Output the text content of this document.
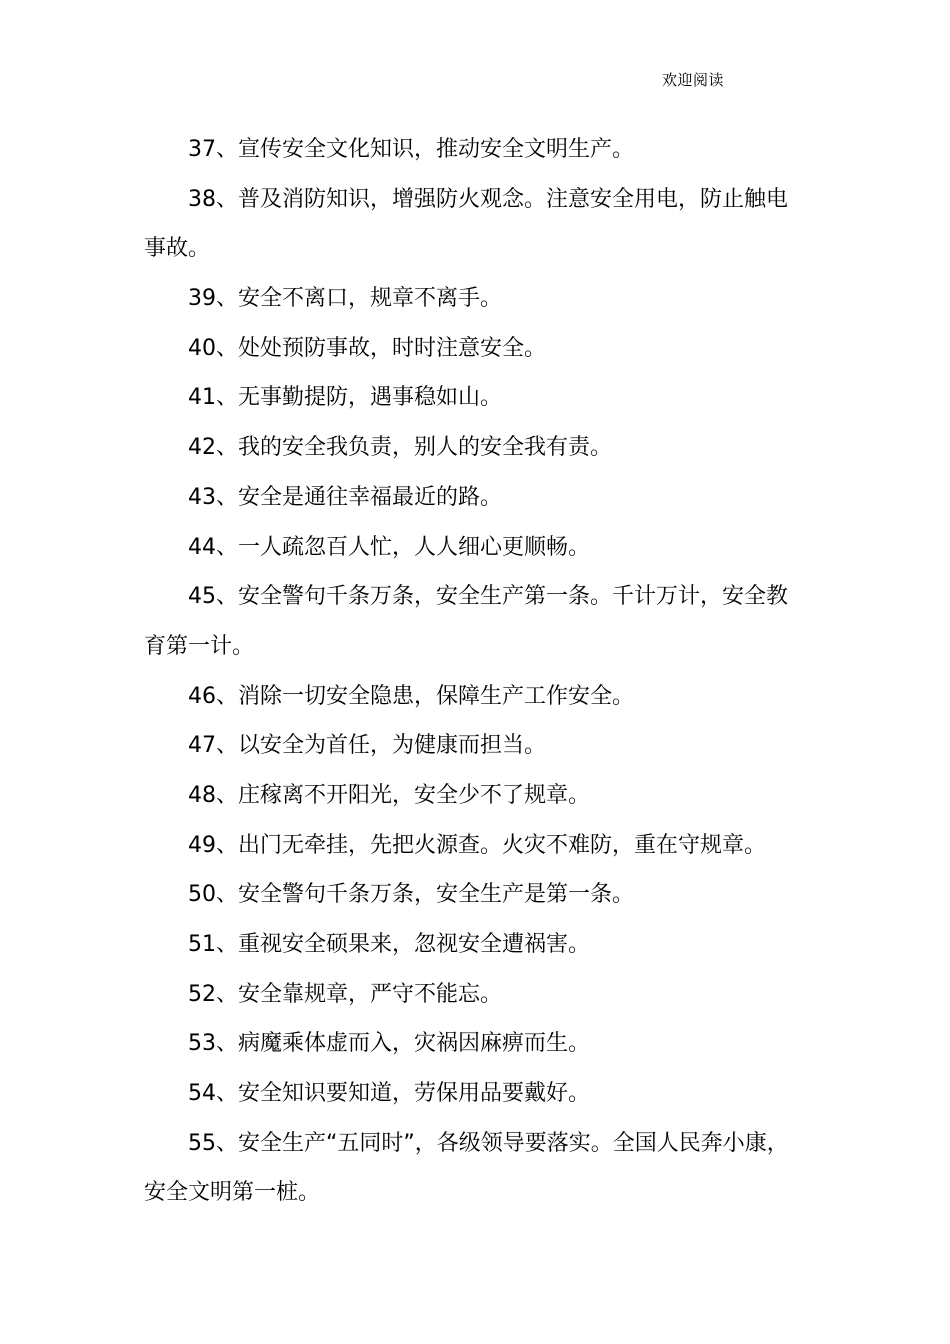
欢迎阅读
37、宣传安全文化知识，推动安全文明生产。
38、普及消防知识，增强防火观念。注意安全用电，防止触电
事故。
39、安全不离口，规章不离手。
40、处处预防事故，时时注意安全。
41、无事勤提防，遇事稳如山。
42、我的安全我负责，别人的安全我有责。
43、安全是通往幸福最近的路。
44、一人疏忽百人忙，人人细心更顺畅。
45、安全警句千条万条，安全生产第一条。千计万计，安全教
育第一计。
46、消除一切安全隐患，保障生产工作安全。
47、以安全为首任，为健康而担当。
48、庄稼离不开阳光，安全少不了规章。
49、出门无牵挂，先把火源查。火灾不难防，重在守规章。
50、安全警句千条万条，安全生产是第一条。
51、重视安全硕果来，忽视安全遭祸害。
52、安全靠规章，严守不能忘。
53、病魔乘体虚而入，灾祸因麻痹而生。
54、安全知识要知道，劳保用品要戴好。
55、安全生产“五同时”，各级领导要落实。全国人民奔小康，
安全文明第一桩。
